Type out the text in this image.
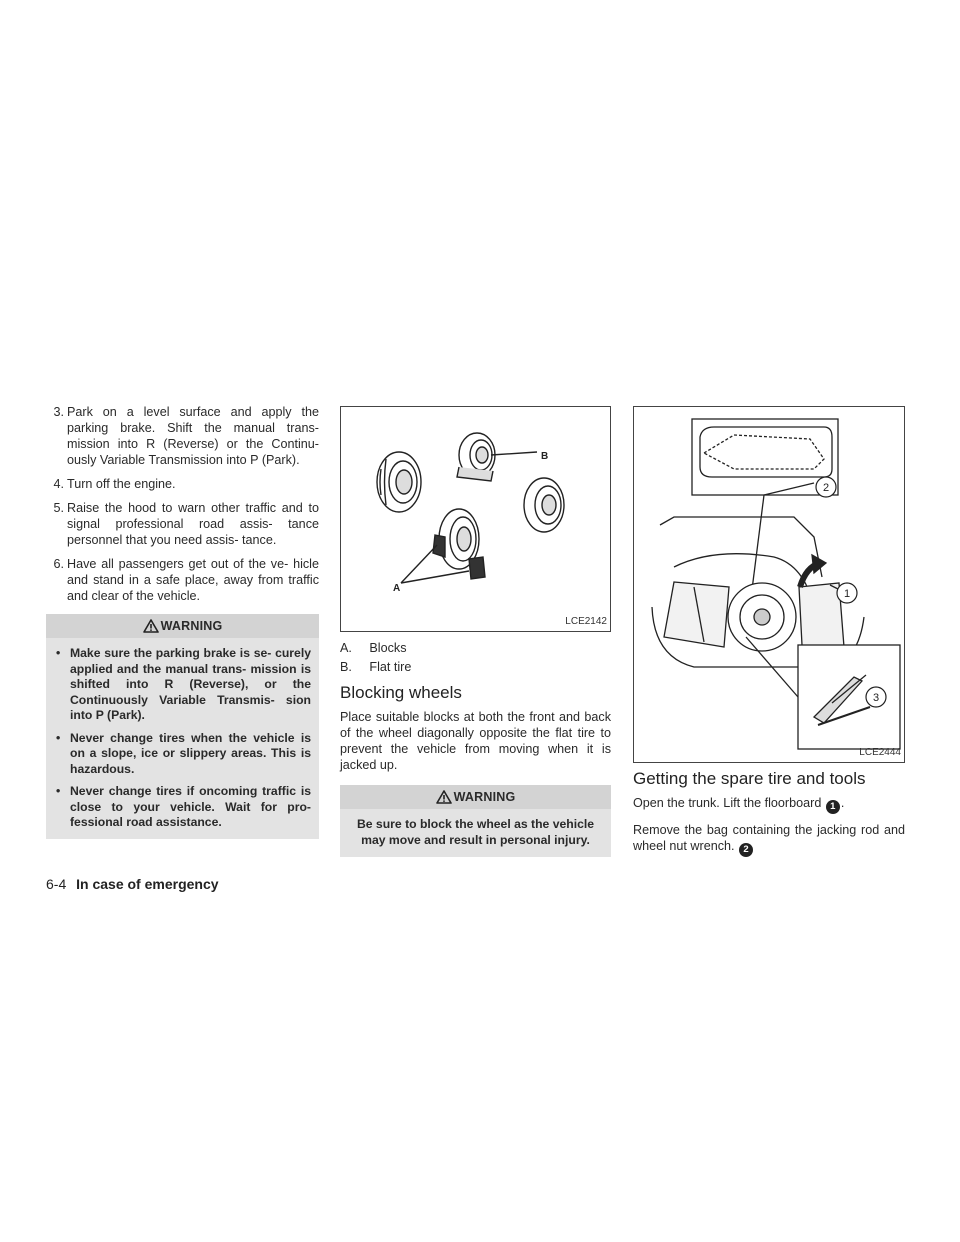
3. Park on a level surface and apply the parking brake. Shift the manual trans- mission into R (Reverse) or the Continu- ously Variable Transmission into P (Park).
4. Turn off the engine.
5. Raise the hood to warn other traffic and to signal professional road assis- tance personnel that you need assis- tance.
6. Have all passengers get out of the ve- hicle and stand in a safe place, away from traffic and clear of the vehicle.
WARNING
• Make sure the parking brake is se- curely applied and the manual trans- mission is shifted into R (Reverse), or the Continuously Variable Transmis- sion into P (Park).
• Never change tires when the vehicle is on a slope, ice or slippery areas. This is hazardous.
• Never change tires if oncoming traffic is close to your vehicle. Wait for pro- fessional road assistance.
B
A
LCE2142

A.     Blocks

B.     Flat tire

Blocking wheels

Place suitable blocks at both the front and back of the wheel diagonally opposite the flat tire to prevent the vehicle from moving when it is jacked up.

WARNING
Be sure to block the wheel as the vehicle may move and result in personal injury.
2
1
3
LCE2444
Getting the spare tire and tools

Open the trunk. Lift the floorboard 1 .

Remove the bag containing the jacking rod and wheel nut wrench. 2

6-4 In case of emergency
